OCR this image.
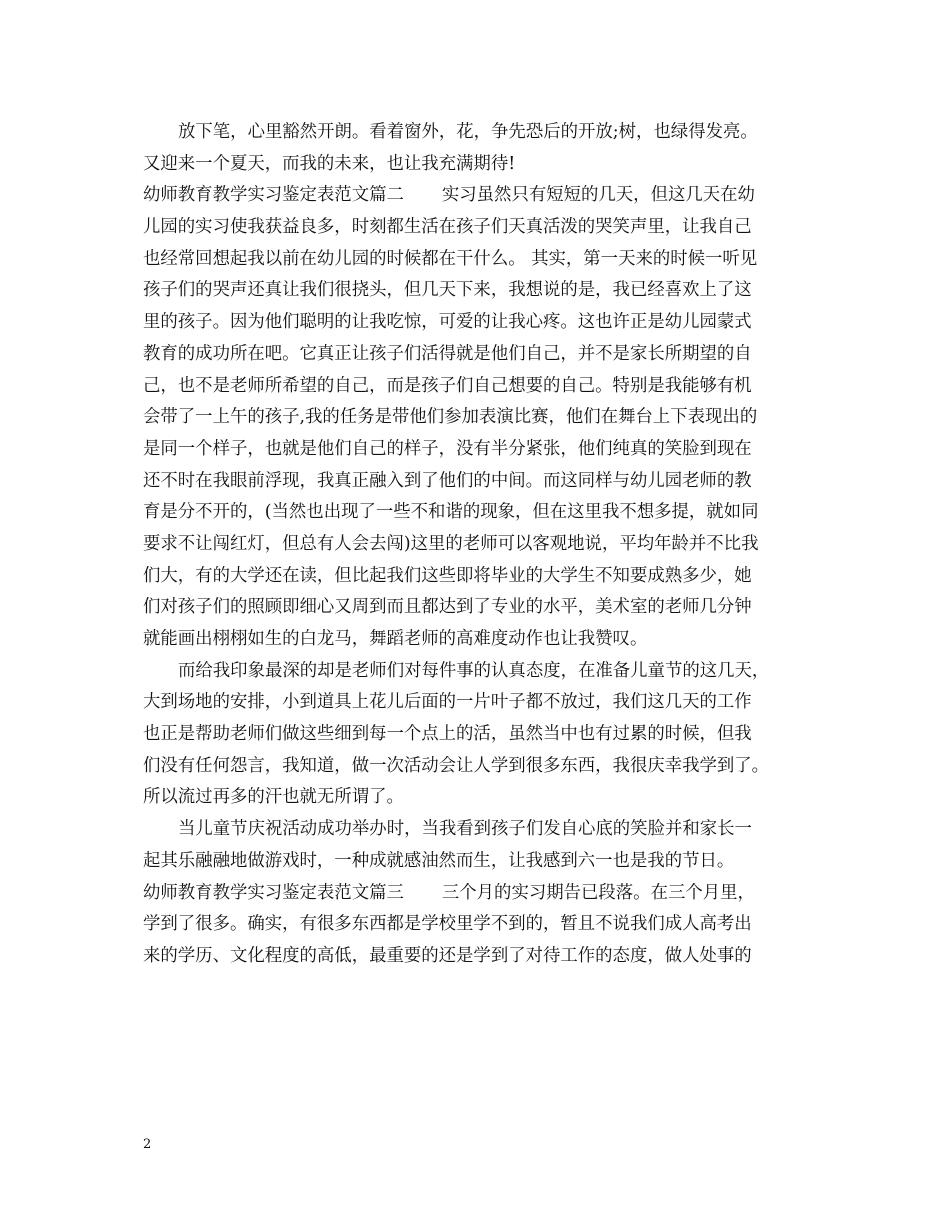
放下笔，心里豁然开朗。看着窗外，花，争先恐后的开放;树，也绿得发亮。
又迎来一个夏天，而我的未来，也让我充满期待!
幼师教育教学实习鉴定表范文篇二 实习虽然只有短短的几天，但这几天在幼
儿园的实习使我获益良多，时刻都生活在孩子们天真活泼的哭笑声里，让我自己
也经常回想起我以前在幼儿园的时候都在干什么。 其实，第一天来的时候一听见
孩子们的哭声还真让我们很挠头，但几天下来，我想说的是，我已经喜欢上了这
里的孩子。因为他们聪明的让我吃惊，可爱的让我心疼。这也许正是幼儿园蒙式
教育的成功所在吧。它真正让孩子们活得就是他们自己，并不是家长所期望的自
己，也不是老师所希望的自己，而是孩子们自己想要的自己。特别是我能够有机
会带了一上午的孩子,我的任务是带他们参加表演比赛，他们在舞台上下表现出的
是同一个样子，也就是他们自己的样子，没有半分紧张，他们纯真的笑脸到现在
还不时在我眼前浮现，我真正融入到了他们的中间。而这同样与幼儿园老师的教
育是分不开的，(当然也出现了一些不和谐的现象，但在这里我不想多提，就如同
要求不让闯红灯，但总有人会去闯)这里的老师可以客观地说，平均年龄并不比我
们大，有的大学还在读，但比起我们这些即将毕业的大学生不知要成熟多少，她
们对孩子们的照顾即细心又周到而且都达到了专业的水平，美术室的老师几分钟
就能画出栩栩如生的白龙马，舞蹈老师的高难度动作也让我赞叹。
而给我印象最深的却是老师们对每件事的认真态度，在准备儿童节的这几天，
大到场地的安排，小到道具上花儿后面的一片叶子都不放过，我们这几天的工作
也正是帮助老师们做这些细到每一个点上的活，虽然当中也有过累的时候，但我
们没有任何怨言，我知道，做一次活动会让人学到很多东西，我很庆幸我学到了。
所以流过再多的汗也就无所谓了。
当儿童节庆祝活动成功举办时，当我看到孩子们发自心底的笑脸并和家长一
起其乐融融地做游戏时，一种成就感油然而生，让我感到六一也是我的节日。
幼师教育教学实习鉴定表范文篇三 三个月的实习期告已段落。在三个月里，
学到了很多。确实，有很多东西都是学校里学不到的，暂且不说我们成人高考出
来的学历、文化程度的高低，最重要的还是学到了对待工作的态度，做人处事的
2
